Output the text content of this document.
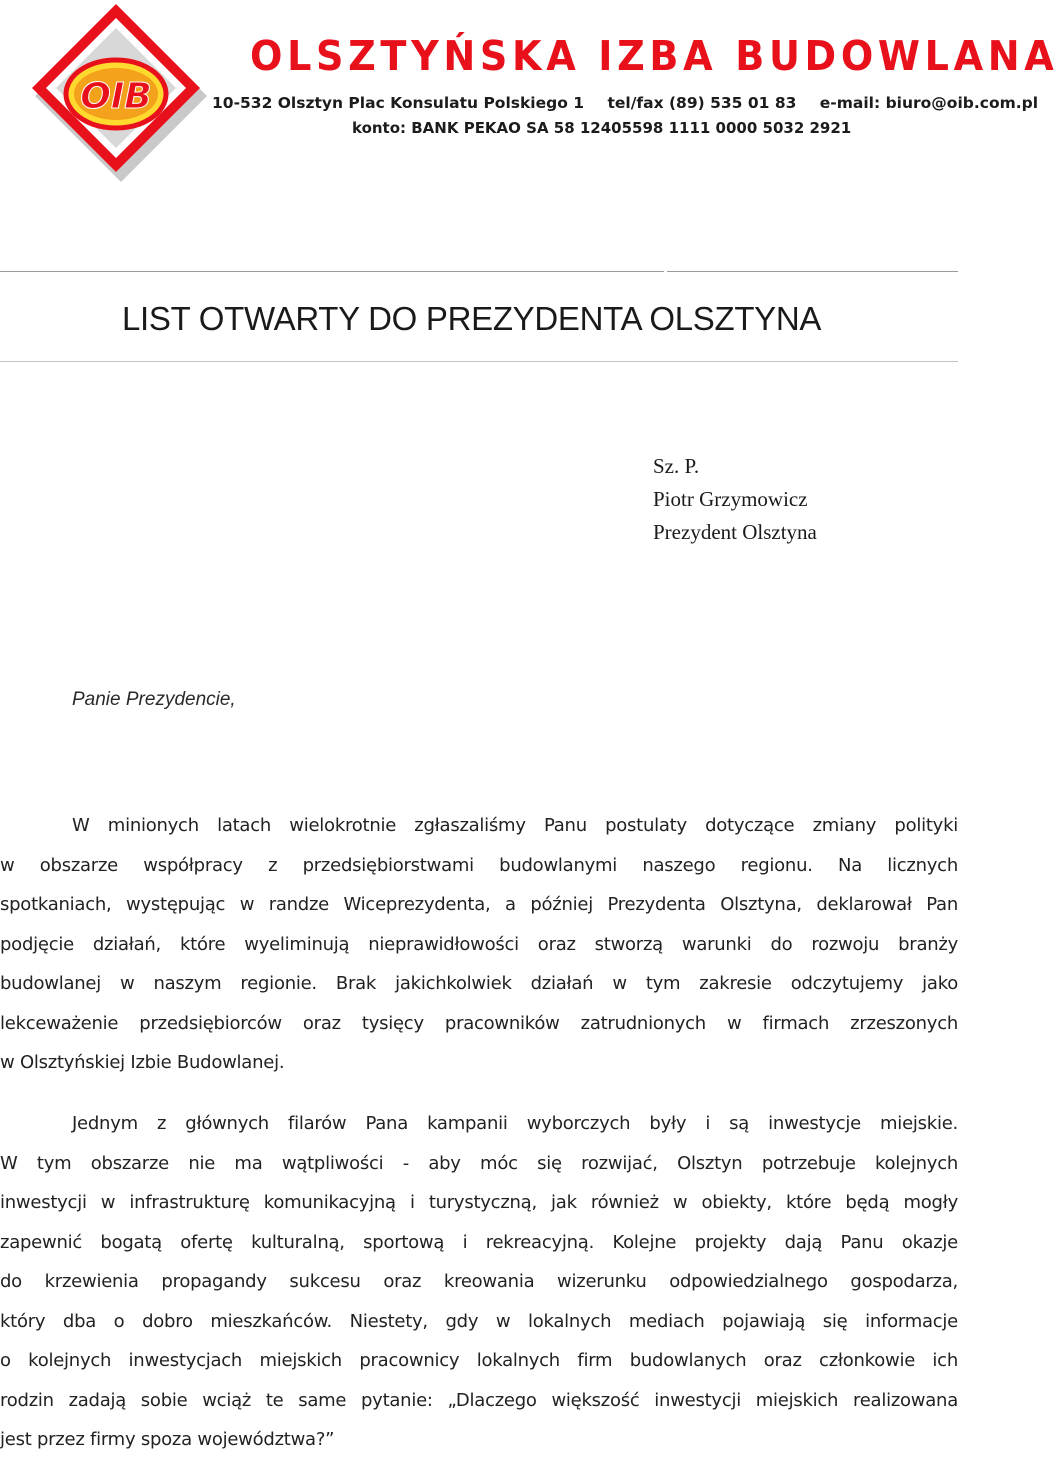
OIB
OLSZTYŃSKA IZBA BUDOWLANA
10-532 Olsztyn Plac Konsulatu Polskiego 1 tel/fax (89) 535 01 83 e-mail: biuro@oib.com.pl
konto: BANK PEKAO SA 58 12405598 1111 0000 5032 2921
LIST OTWARTY DO PREZYDENTA OLSZTYNA
Sz. P.
Piotr Grzymowicz
Prezydent Olsztyna
Panie Prezydencie,
W minionych latach wielokrotnie zgłaszaliśmy Panu postulaty dotyczące zmiany polityki
w obszarze współpracy z przedsiębiorstwami budowlanymi naszego regionu. Na licznych
spotkaniach, występując w randze Wiceprezydenta, a później Prezydenta Olsztyna, deklarował Pan
podjęcie działań, które wyeliminują nieprawidłowości oraz stworzą warunki do rozwoju branży
budowlanej w naszym regionie. Brak jakichkolwiek działań w tym zakresie odczytujemy jako
lekceważenie przedsiębiorców oraz tysięcy pracowników zatrudnionych w firmach zrzeszonych
w Olsztyńskiej Izbie Budowlanej.
Jednym z głównych filarów Pana kampanii wyborczych były i są inwestycje miejskie.
W tym obszarze nie ma wątpliwości - aby móc się rozwijać, Olsztyn potrzebuje kolejnych
inwestycji w infrastrukturę komunikacyjną i turystyczną, jak również w obiekty, które będą mogły
zapewnić bogatą ofertę kulturalną, sportową i rekreacyjną. Kolejne projekty dają Panu okazje
do krzewienia propagandy sukcesu oraz kreowania wizerunku odpowiedzialnego gospodarza,
który dba o dobro mieszkańców. Niestety, gdy w lokalnych mediach pojawiają się informacje
o kolejnych inwestycjach miejskich pracownicy lokalnych firm budowlanych oraz członkowie ich
rodzin zadają sobie wciąż te same pytanie: „Dlaczego większość inwestycji miejskich realizowana
jest przez firmy spoza województwa?”
